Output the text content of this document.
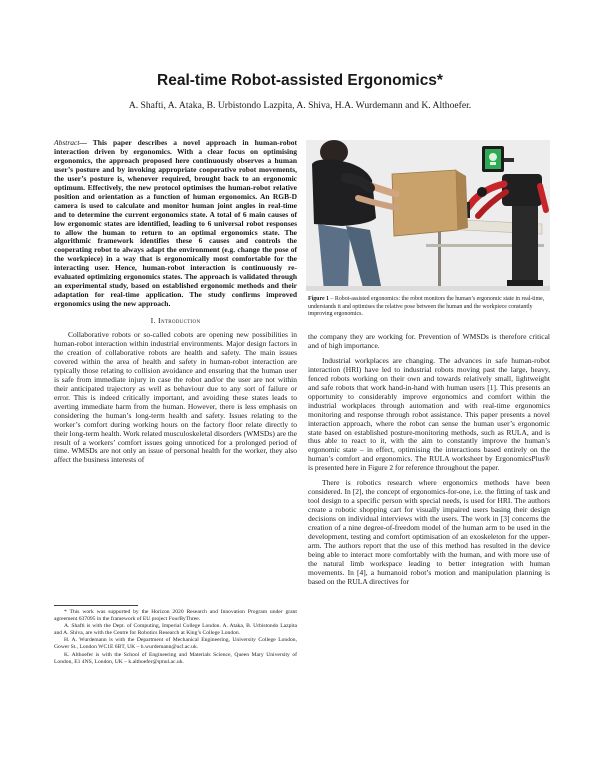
Real-time Robot-assisted Ergonomics*
A. Shafti, A. Ataka, B. Urbistondo Lazpita, A. Shiva, H.A. Wurdemann and K. Althoefer.

Abstract— This paper describes a novel approach in human-robot interaction driven by ergonomics. With a clear focus on optimising ergonomics, the approach proposed here continuously observes a human user’s posture and by invoking appropriate cooperative robot movements, the user’s posture is, whenever required, brought back to an ergonomic optimum. Effectively, the new protocol optimises the human-robot relative position and orientation as a function of human ergonomics. An RGB-D camera is used to calculate and monitor human joint angles in real-time and to determine the current ergonomics state. A total of 6 main causes of low ergonomic states are identified, leading to 6 universal robot responses to allow the human to return to an optimal ergonomics state. The algorithmic framework identifies these 6 causes and controls the cooperating robot to always adapt the environment (e.g. change the pose of the workpiece) in a way that is ergonomically most comfortable for the interacting user. Hence, human-robot interaction is continuously re-evaluated optimizing ergonomics states. The approach is validated through an experimental study, based on established ergonomic methods and their adaptation for real-time application. The study confirms improved ergonomics using the new approach.

I. Introduction

Collaborative robots or so-called cobots are opening new possibilities in human-robot interaction within industrial environments. Major design factors in the creation of collaborative robots are health and safety. The main issues covered within the area of health and safety in human-robot interaction are typically those relating to collision avoidance and ensuring that the human user is safe from immediate injury in case the robot and/or the user are not within their anticipated trajectory as well as behaviour due to any sort of failure or error. This is indeed critically important, and avoiding these states leads to averting immediate harm from the human. However, there is less emphasis on considering the human’s long-term health and safety. Issues relating to the worker’s comfort during working hours on the factory floor relate directly to their long-term health. Work related musculoskeletal disorders (WMSDs) are the result of a workers’ comfort issues going unnoticed for a prolonged period of time. WMSDs are not only an issue of personal health for the worker, they also affect the business interests of

* This work was supported by the Horizon 2020 Research and Innovation Program under grant agreement 637095 in the framework of EU project FourByThree.

A. Shafti is with the Dept. of Computing, Imperial College London. A. Ataka, B. Urbistondo Lazpita and A. Shiva, are with the Centre for Robotics Research at King’s College London.

H. A. Wurdemann is with the Department of Mechanical Engineering, University College London, Gower St., London WC1E 6BT, UK – h.wurdemann@ucl.ac.uk.

K. Althoefer is with the School of Engineering and Materials Science, Queen Mary University of London, E1 4NS, London, UK – k.althoefer@qmul.ac.uk.

Figure 1 – Robot-assisted ergonomics: the robot monitors the human’s ergonomic state in real-time, understands it and optimises the relative pose between the human and the workpiece constantly improving ergonomics.

the company they are working for. Prevention of WMSDs is therefore critical and of high importance.

Industrial workplaces are changing. The advances in safe human-robot interaction (HRI) have led to industrial robots moving past the large, heavy, fenced robots working on their own and towards relatively small, lightweight and safe robots that work hand-in-hand with human users [1]. This presents an opportunity to considerably improve ergonomics and comfort within the industrial workplaces through automation and with real-time ergonomics monitoring and response through robot assistance. This paper presents a novel interaction approach, where the robot can sense the human user’s ergonomic state based on established posture-monitoring methods, such as RULA, and is thus able to react to it, with the aim to constantly improve the human’s ergonomic state – in effect, optimising the interactions based entirely on the human’s comfort and ergonomics. The RULA worksheet by ErgonomicsPlus® is presented here in Figure 2 for reference throughout the paper.

There is robotics research where ergonomics methods have been considered. In [2], the concept of ergonomics-for-one, i.e. the fitting of task and tool design to a specific person with special needs, is used for HRI. The authors create a robotic shopping cart for visually impaired users basing their design decisions on individual interviews with the users. The work in [3] concerns the creation of a nine degree-of-freedom model of the human arm to be used in the development, testing and comfort optimisation of an exoskeleton for the upper-arm. The authors report that the use of this method has resulted in the device being able to interact more comfortably with the human, and with more use of the natural limb workspace leading to better integration with human movements. In [4], a humanoid robot’s motion and manipulation planning is based on the RULA directives for
